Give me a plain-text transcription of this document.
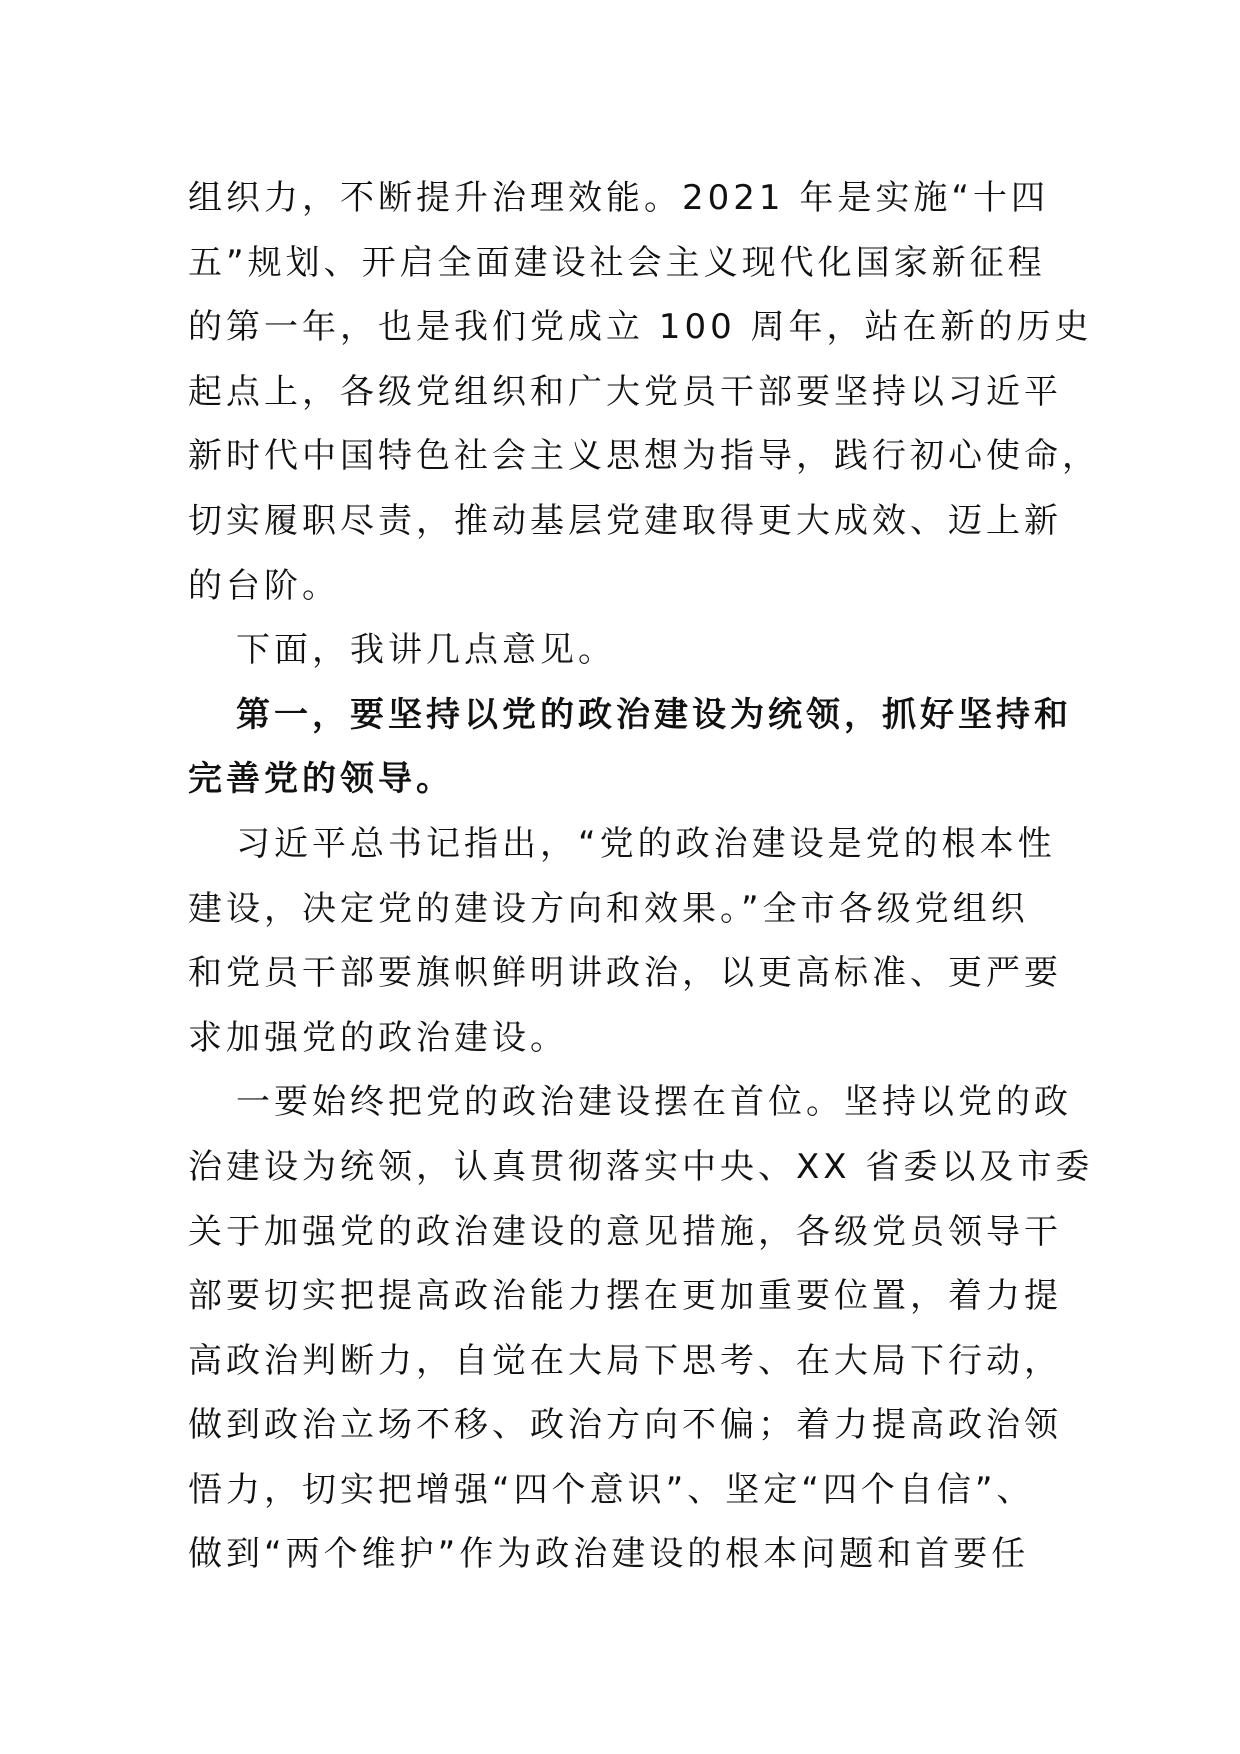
组织力，不断提升治理效能。2021 年是实施“十四
五”规划、开启全面建设社会主义现代化国家新征程
的第一年，也是我们党成立 100 周年，站在新的历史
起点上，各级党组织和广大党员干部要坚持以习近平
新时代中国特色社会主义思想为指导，践行初心使命，
切实履职尽责，推动基层党建取得更大成效、迈上新
的台阶。
下面，我讲几点意见。
第一，要坚持以党的政治建设为统领，抓好坚持和
完善党的领导。
习近平总书记指出，“党的政治建设是党的根本性
建设，决定党的建设方向和效果。”全市各级党组织
和党员干部要旗帜鲜明讲政治，以更高标准、更严要
求加强党的政治建设。
一要始终把党的政治建设摆在首位。坚持以党的政
治建设为统领，认真贯彻落实中央、XX 省委以及市委
关于加强党的政治建设的意见措施，各级党员领导干
部要切实把提高政治能力摆在更加重要位置，着力提
高政治判断力，自觉在大局下思考、在大局下行动，
做到政治立场不移、政治方向不偏；着力提高政治领
悟力，切实把增强“四个意识”、坚定“四个自信”、
做到“两个维护”作为政治建设的根本问题和首要任
